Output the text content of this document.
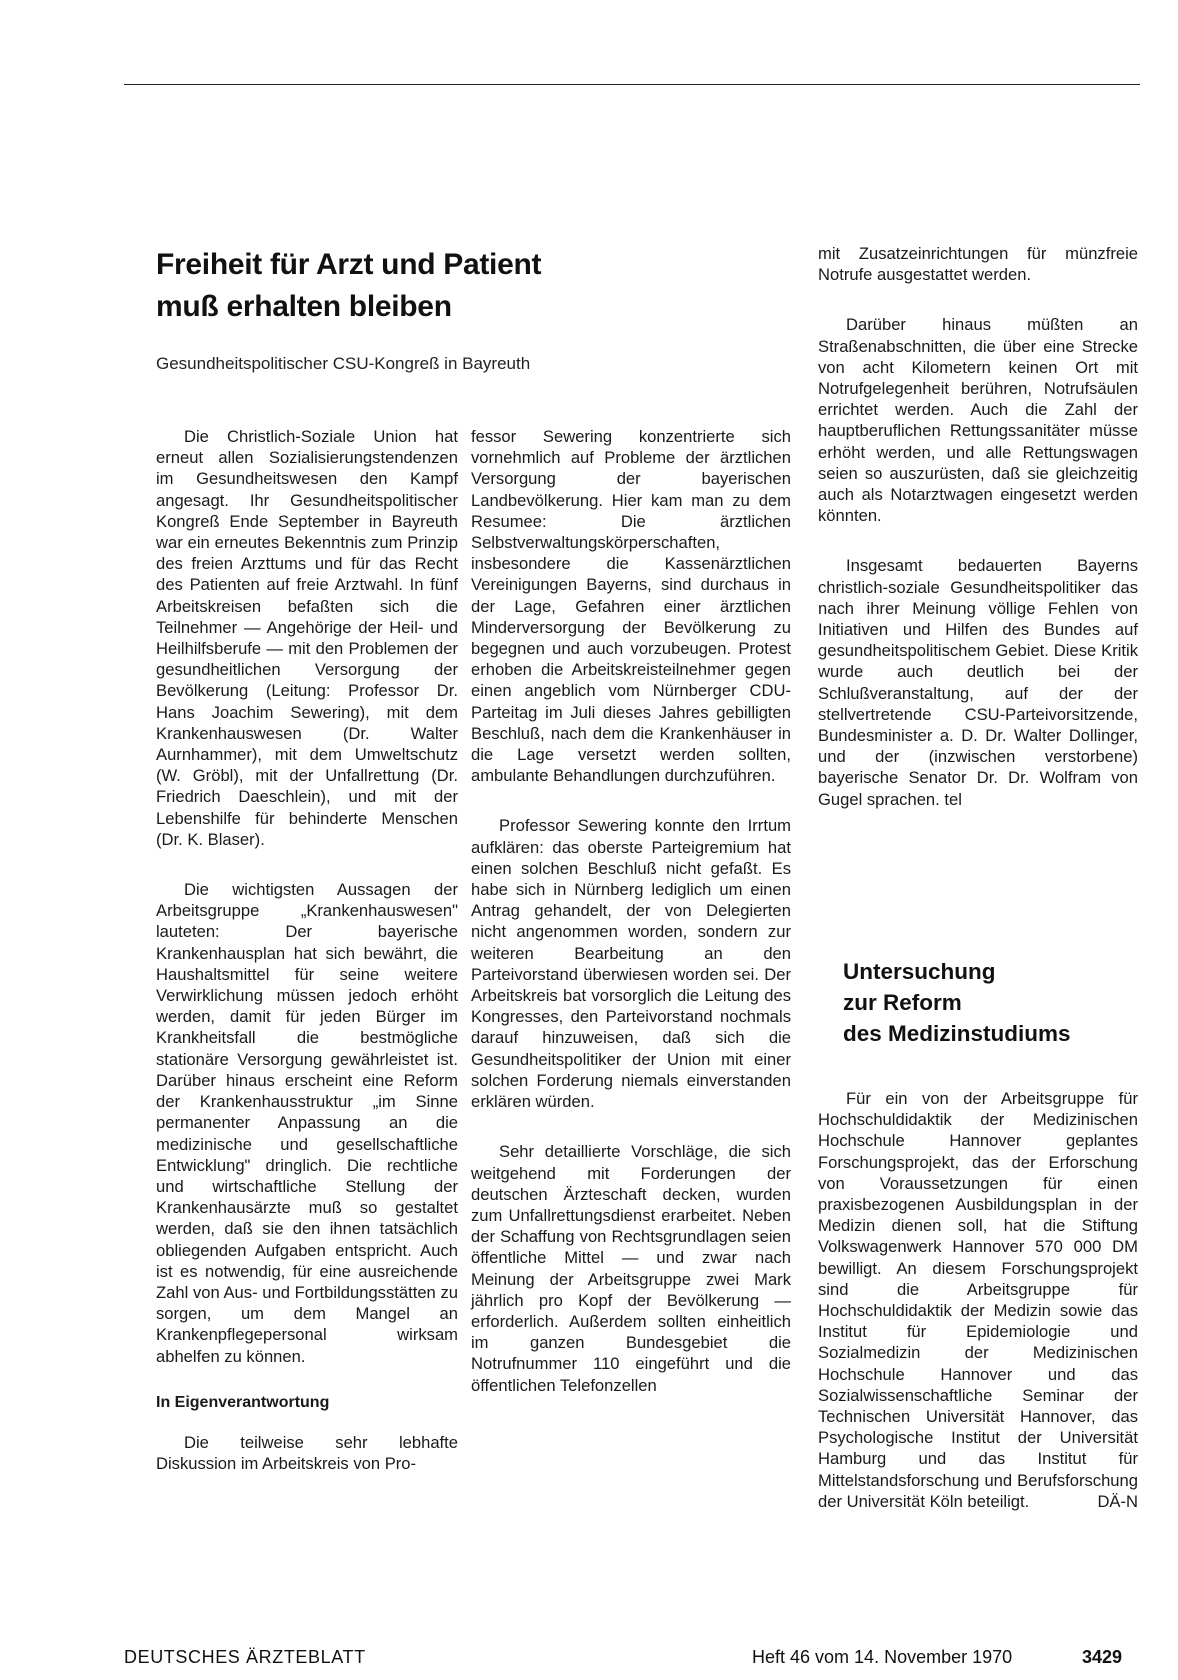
Freiheit für Arzt und Patient
muß erhalten bleiben

Gesundheitspolitischer CSU-Kongreß in Bayreuth

Die Christlich-Soziale Union hat erneut allen Sozialisierungstendenzen im Gesundheitswesen den Kampf angesagt. Ihr Gesundheitspolitischer Kongreß Ende September in Bayreuth war ein erneutes Bekenntnis zum Prinzip des freien Arzttums und für das Recht des Patienten auf freie Arztwahl. In fünf Arbeitskreisen befaßten sich die Teilnehmer — Angehörige der Heil- und Heilhilfsberufe — mit den Problemen der gesundheitlichen Versorgung der Bevölkerung (Leitung: Professor Dr. Hans Joachim Sewering), mit dem Krankenhauswesen (Dr. Walter Aurnhammer), mit dem Umweltschutz (W. Gröbl), mit der Unfallrettung (Dr. Friedrich Daeschlein), und mit der Lebenshilfe für behinderte Menschen (Dr. K. Blaser).

Die wichtigsten Aussagen der Arbeitsgruppe „Krankenhauswesen" lauteten: Der bayerische Krankenhausplan hat sich bewährt, die Haushaltsmittel für seine weitere Verwirklichung müssen jedoch erhöht werden, damit für jeden Bürger im Krankheitsfall die bestmögliche stationäre Versorgung gewährleistet ist. Darüber hinaus erscheint eine Reform der Krankenhausstruktur „im Sinne permanenter Anpassung an die medizinische und gesellschaftliche Entwicklung" dringlich. Die rechtliche und wirtschaftliche Stellung der Krankenhausärzte muß so gestaltet werden, daß sie den ihnen tatsächlich obliegenden Aufgaben entspricht. Auch ist es notwendig, für eine ausreichende Zahl von Aus- und Fortbildungsstätten zu sorgen, um dem Mangel an Krankenpflegepersonal wirksam abhelfen zu können.

In Eigenverantwortung

Die teilweise sehr lebhafte Diskussion im Arbeitskreis von Pro-

fessor Sewering konzentrierte sich vornehmlich auf Probleme der ärztlichen Versorgung der bayerischen Landbevölkerung. Hier kam man zu dem Resumee: Die ärztlichen Selbstverwaltungskörperschaften, insbesondere die Kassenärztlichen Vereinigungen Bayerns, sind durchaus in der Lage, Gefahren einer ärztlichen Minderversorgung der Bevölkerung zu begegnen und auch vorzubeugen. Protest erhoben die Arbeitskreisteilnehmer gegen einen angeblich vom Nürnberger CDU-Parteitag im Juli dieses Jahres gebilligten Beschluß, nach dem die Krankenhäuser in die Lage versetzt werden sollten, ambulante Behandlungen durchzuführen.

Professor Sewering konnte den Irrtum aufklären: das oberste Parteigremium hat einen solchen Beschluß nicht gefaßt. Es habe sich in Nürnberg lediglich um einen Antrag gehandelt, der von Delegierten nicht angenommen worden, sondern zur weiteren Bearbeitung an den Parteivorstand überwiesen worden sei. Der Arbeitskreis bat vorsorglich die Leitung des Kongresses, den Parteivorstand nochmals darauf hinzuweisen, daß sich die Gesundheitspolitiker der Union mit einer solchen Forderung niemals einverstanden erklären würden.

Sehr detaillierte Vorschläge, die sich weitgehend mit Forderungen der deutschen Ärzteschaft decken, wurden zum Unfallrettungsdienst erarbeitet. Neben der Schaffung von Rechtsgrundlagen seien öffentliche Mittel — und zwar nach Meinung der Arbeitsgruppe zwei Mark jährlich pro Kopf der Bevölkerung — erforderlich. Außerdem sollten einheitlich im ganzen Bundesgebiet die Notrufnummer 110 eingeführt und die öffentlichen Telefonzellen

mit Zusatzeinrichtungen für münzfreie Notrufe ausgestattet werden.

Darüber hinaus müßten an Straßenabschnitten, die über eine Strecke von acht Kilometern keinen Ort mit Notrufgelegenheit berühren, Notrufsäulen errichtet werden. Auch die Zahl der hauptberuflichen Rettungssanitäter müsse erhöht werden, und alle Rettungswagen seien so auszurüsten, daß sie gleichzeitig auch als Notarztwagen eingesetzt werden könnten.

Insgesamt bedauerten Bayerns christlich-soziale Gesundheitspolitiker das nach ihrer Meinung völlige Fehlen von Initiativen und Hilfen des Bundes auf gesundheitspolitischem Gebiet. Diese Kritik wurde auch deutlich bei der Schlußveranstaltung, auf der der stellvertretende CSU-Parteivorsitzende, Bundesminister a. D. Dr. Walter Dollinger, und der (inzwischen verstorbene) bayerische Senator Dr. Dr. Wolfram von Gugel sprachen. tel

Untersuchung
zur Reform
des Medizinstudiums

Für ein von der Arbeitsgruppe für Hochschuldidaktik der Medizinischen Hochschule Hannover geplantes Forschungsprojekt, das der Erforschung von Voraussetzungen für einen praxisbezogenen Ausbildungsplan in der Medizin dienen soll, hat die Stiftung Volkswagenwerk Hannover 570 000 DM bewilligt. An diesem Forschungsprojekt sind die Arbeitsgruppe für Hochschuldidaktik der Medizin sowie das Institut für Epidemiologie und Sozialmedizin der Medizinischen Hochschule Hannover und das Sozialwissenschaftliche Seminar der Technischen Universität Hannover, das Psychologische Institut der Universität Hamburg und das Institut für Mittelstandsforschung und Berufsforschung der Universität Köln beteiligt.	DÄ-N

DEUTSCHES ÄRZTEBLATT	Heft 46 vom 14. November 1970	3429
